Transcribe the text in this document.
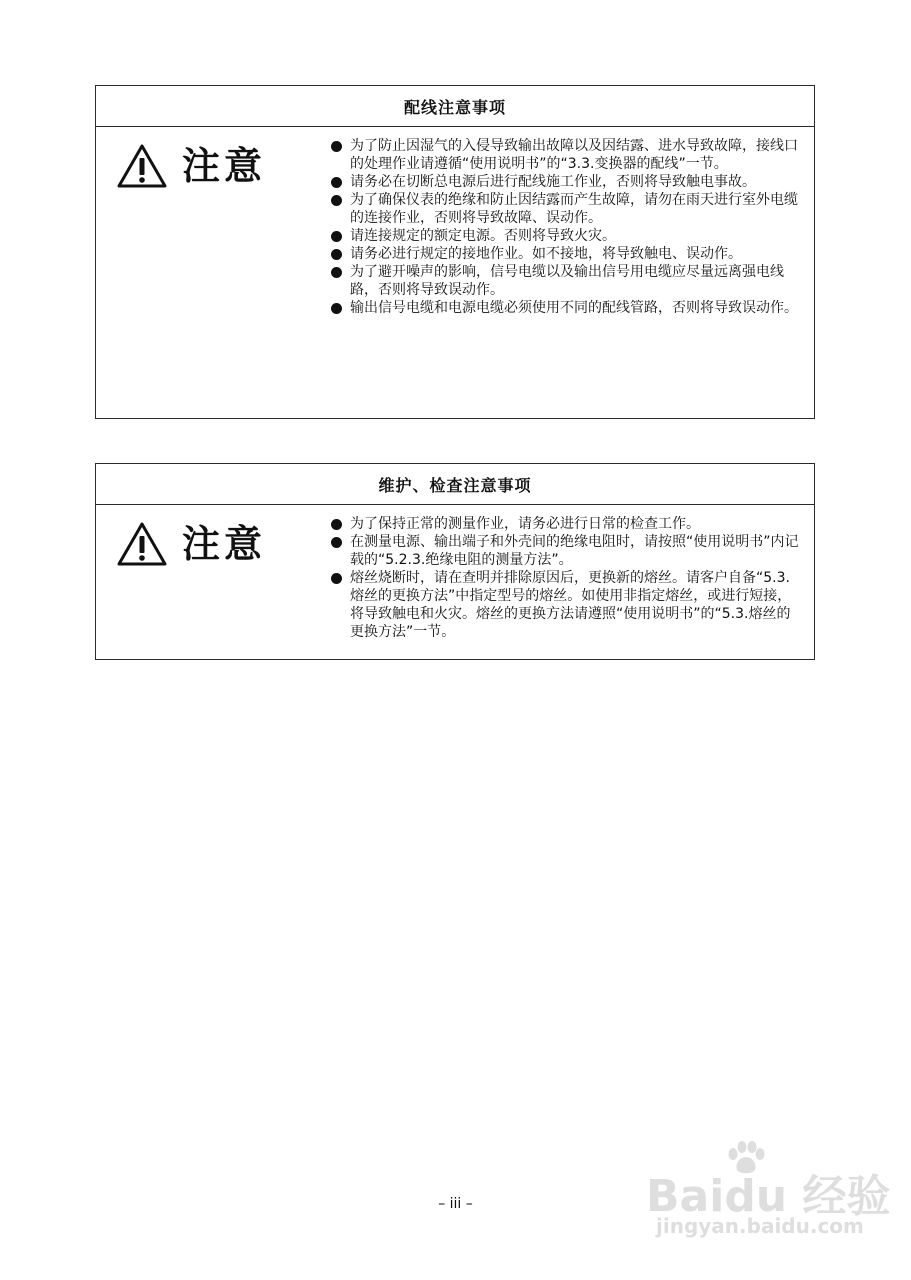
配线注意事项
注意	为了防止因湿气的入侵导致输出故障以及因结露、进水导致故障，接线口的处理作业请遵循“使用说明书”的“3.3.变换器的配线”一节。
请务必在切断总电源后进行配线施工作业，否则将导致触电事故。
为了确保仪表的绝缘和防止因结露而产生故障，请勿在雨天进行室外电缆的连接作业，否则将导致故障、误动作。
请连接规定的额定电源。否则将导致火灾。
请务必进行规定的接地作业。如不接地，将导致触电、误动作。
为了避开噪声的影响，信号电缆以及输出信号用电缆应尽量远离强电线路，否则将导致误动作。
输出信号电缆和电源电缆必须使用不同的配线管路，否则将导致误动作。
维护、检查注意事项
注意	为了保持正常的测量作业，请务必进行日常的检查工作。
在测量电源、输出端子和外壳间的绝缘电阻时，请按照“使用说明书”内记载的“5.2.3.绝缘电阻的测量方法”。
熔丝烧断时，请在查明并排除原因后，更换新的熔丝。请客户自备“5.3.熔丝的更换方法”中指定型号的熔丝。如使用非指定熔丝，或进行短接，将导致触电和火灾。熔丝的更换方法请遵照“使用说明书”的“5.3.熔丝的更换方法”一节。
– iii –	Baidu 经验
jingyan.baidu.com
